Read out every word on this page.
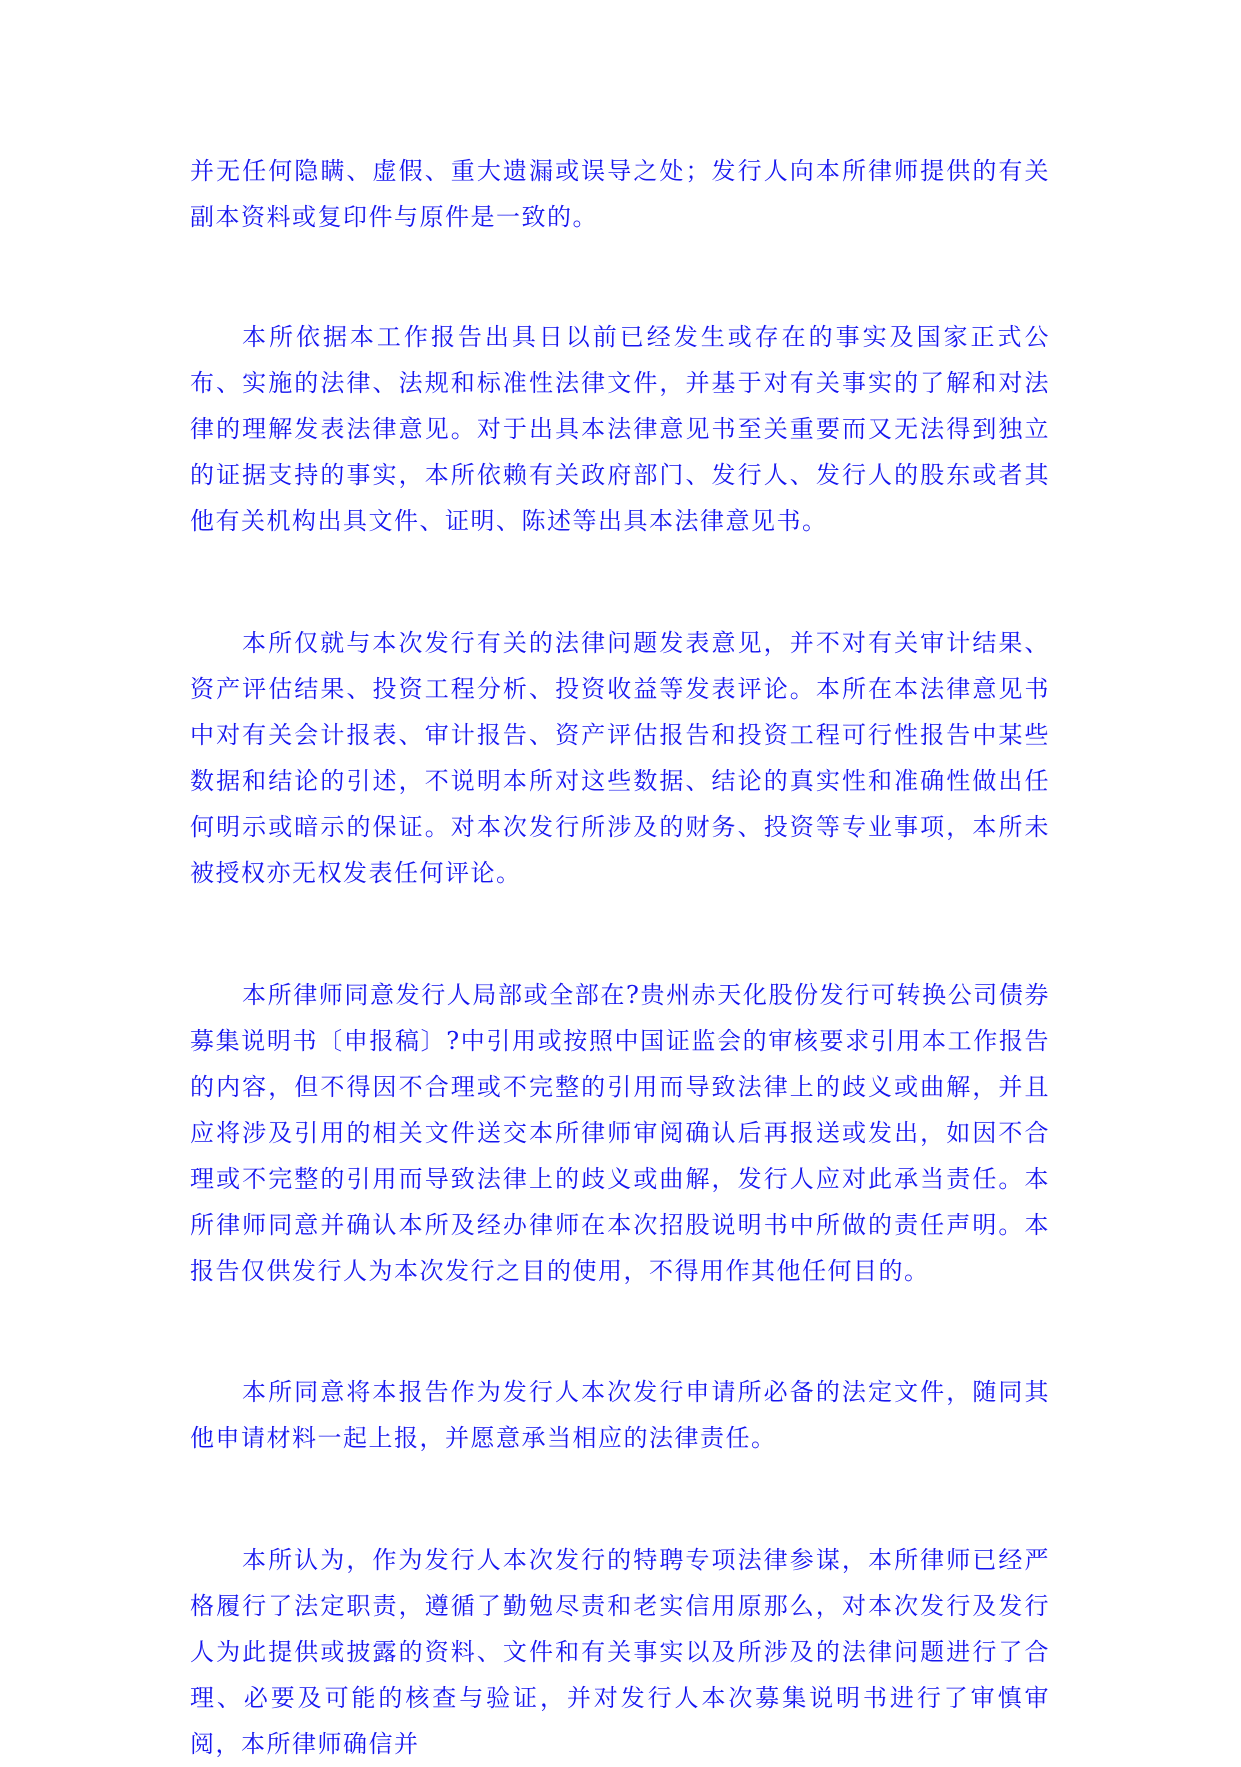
并无任何隐瞒、虚假、重大遗漏或误导之处；发行人向本所律师提供的有关副本资料或复印件与原件是一致的。

本所依据本工作报告出具日以前已经发生或存在的事实及国家正式公布、实施的法律、法规和标准性法律文件，并基于对有关事实的了解和对法律的理解发表法律意见。对于出具本法律意见书至关重要而又无法得到独立的证据支持的事实，本所依赖有关政府部门、发行人、发行人的股东或者其他有关机构出具文件、证明、陈述等出具本法律意见书。

本所仅就与本次发行有关的法律问题发表意见，并不对有关审计结果、资产评估结果、投资工程分析、投资收益等发表评论。本所在本法律意见书中对有关会计报表、审计报告、资产评估报告和投资工程可行性报告中某些数据和结论的引述，不说明本所对这些数据、结论的真实性和准确性做出任何明示或暗示的保证。对本次发行所涉及的财务、投资等专业事项，本所未被授权亦无权发表任何评论。

本所律师同意发行人局部或全部在?贵州赤天化股份发行可转换公司债券募集说明书〔申报稿〕?中引用或按照中国证监会的审核要求引用本工作报告的内容，但不得因不合理或不完整的引用而导致法律上的歧义或曲解，并且应将涉及引用的相关文件送交本所律师审阅确认后再报送或发出，如因不合理或不完整的引用而导致法律上的歧义或曲解，发行人应对此承当责任。本所律师同意并确认本所及经办律师在本次招股说明书中所做的责任声明。本报告仅供发行人为本次发行之目的使用，不得用作其他任何目的。

本所同意将本报告作为发行人本次发行申请所必备的法定文件，随同其他申请材料一起上报，并愿意承当相应的法律责任。

本所认为，作为发行人本次发行的特聘专项法律参谋，本所律师已经严格履行了法定职责，遵循了勤勉尽责和老实信用原那么，对本次发行及发行人为此提供或披露的资料、文件和有关事实以及所涉及的法律问题进行了合理、必要及可能的核查与验证，并对发行人本次募集说明书进行了审慎审阅，本所律师确信并
